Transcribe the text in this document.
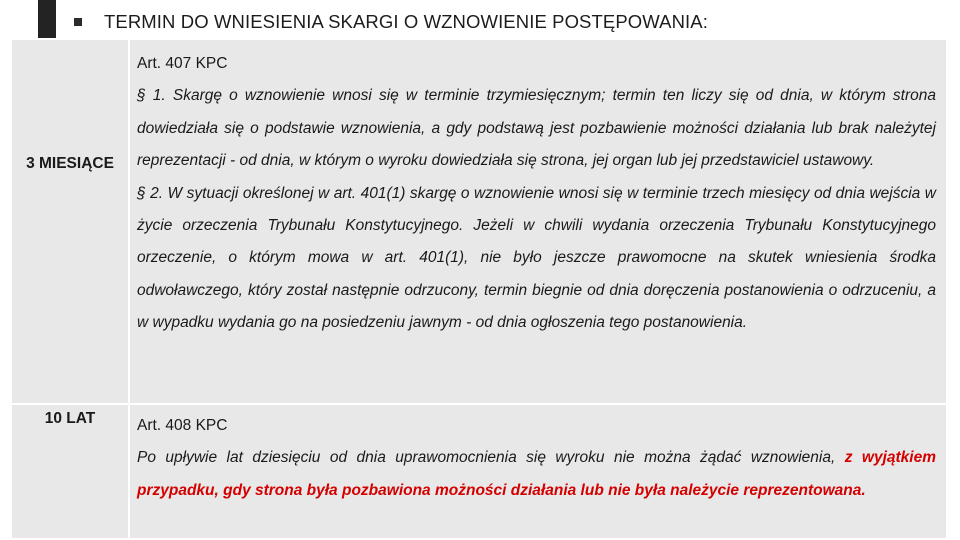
TERMIN DO WNIESIENIA SKARGI O WZNOWIENIE POSTĘPOWANIA:
3 MIESIĄCE	Art. 407 KPC

§ 1. Skargę o wznowienie wnosi się w terminie trzymiesięcznym; termin ten liczy się od dnia, w którym strona dowiedziała się o podstawie wznowienia, a gdy podstawą jest pozbawienie możności działania lub brak należytej reprezentacji - od dnia, w którym o wyroku dowiedziała się strona, jej organ lub jej przedstawiciel ustawowy.

§ 2. W sytuacji określonej w art. 401(1) skargę o wznowienie wnosi się w terminie trzech miesięcy od dnia wejścia w życie orzeczenia Trybunału Konstytucyjnego. Jeżeli w chwili wydania orzeczenia Trybunału Konstytucyjnego orzeczenie, o którym mowa w art. 401(1), nie było jeszcze prawomocne na skutek wniesienia środka odwoławczego, który został następnie odrzucony, termin biegnie od dnia doręczenia postanowienia o odrzuceniu, a w wypadku wydania go na posiedzeniu jawnym - od dnia ogłoszenia tego postanowienia.

10 LAT	Art. 408 KPC

Po upływie lat dziesięciu od dnia uprawomocnienia się wyroku nie można żądać wznowienia, z wyjątkiem przypadku, gdy strona była pozbawiona możności działania lub nie była należycie reprezentowana.
